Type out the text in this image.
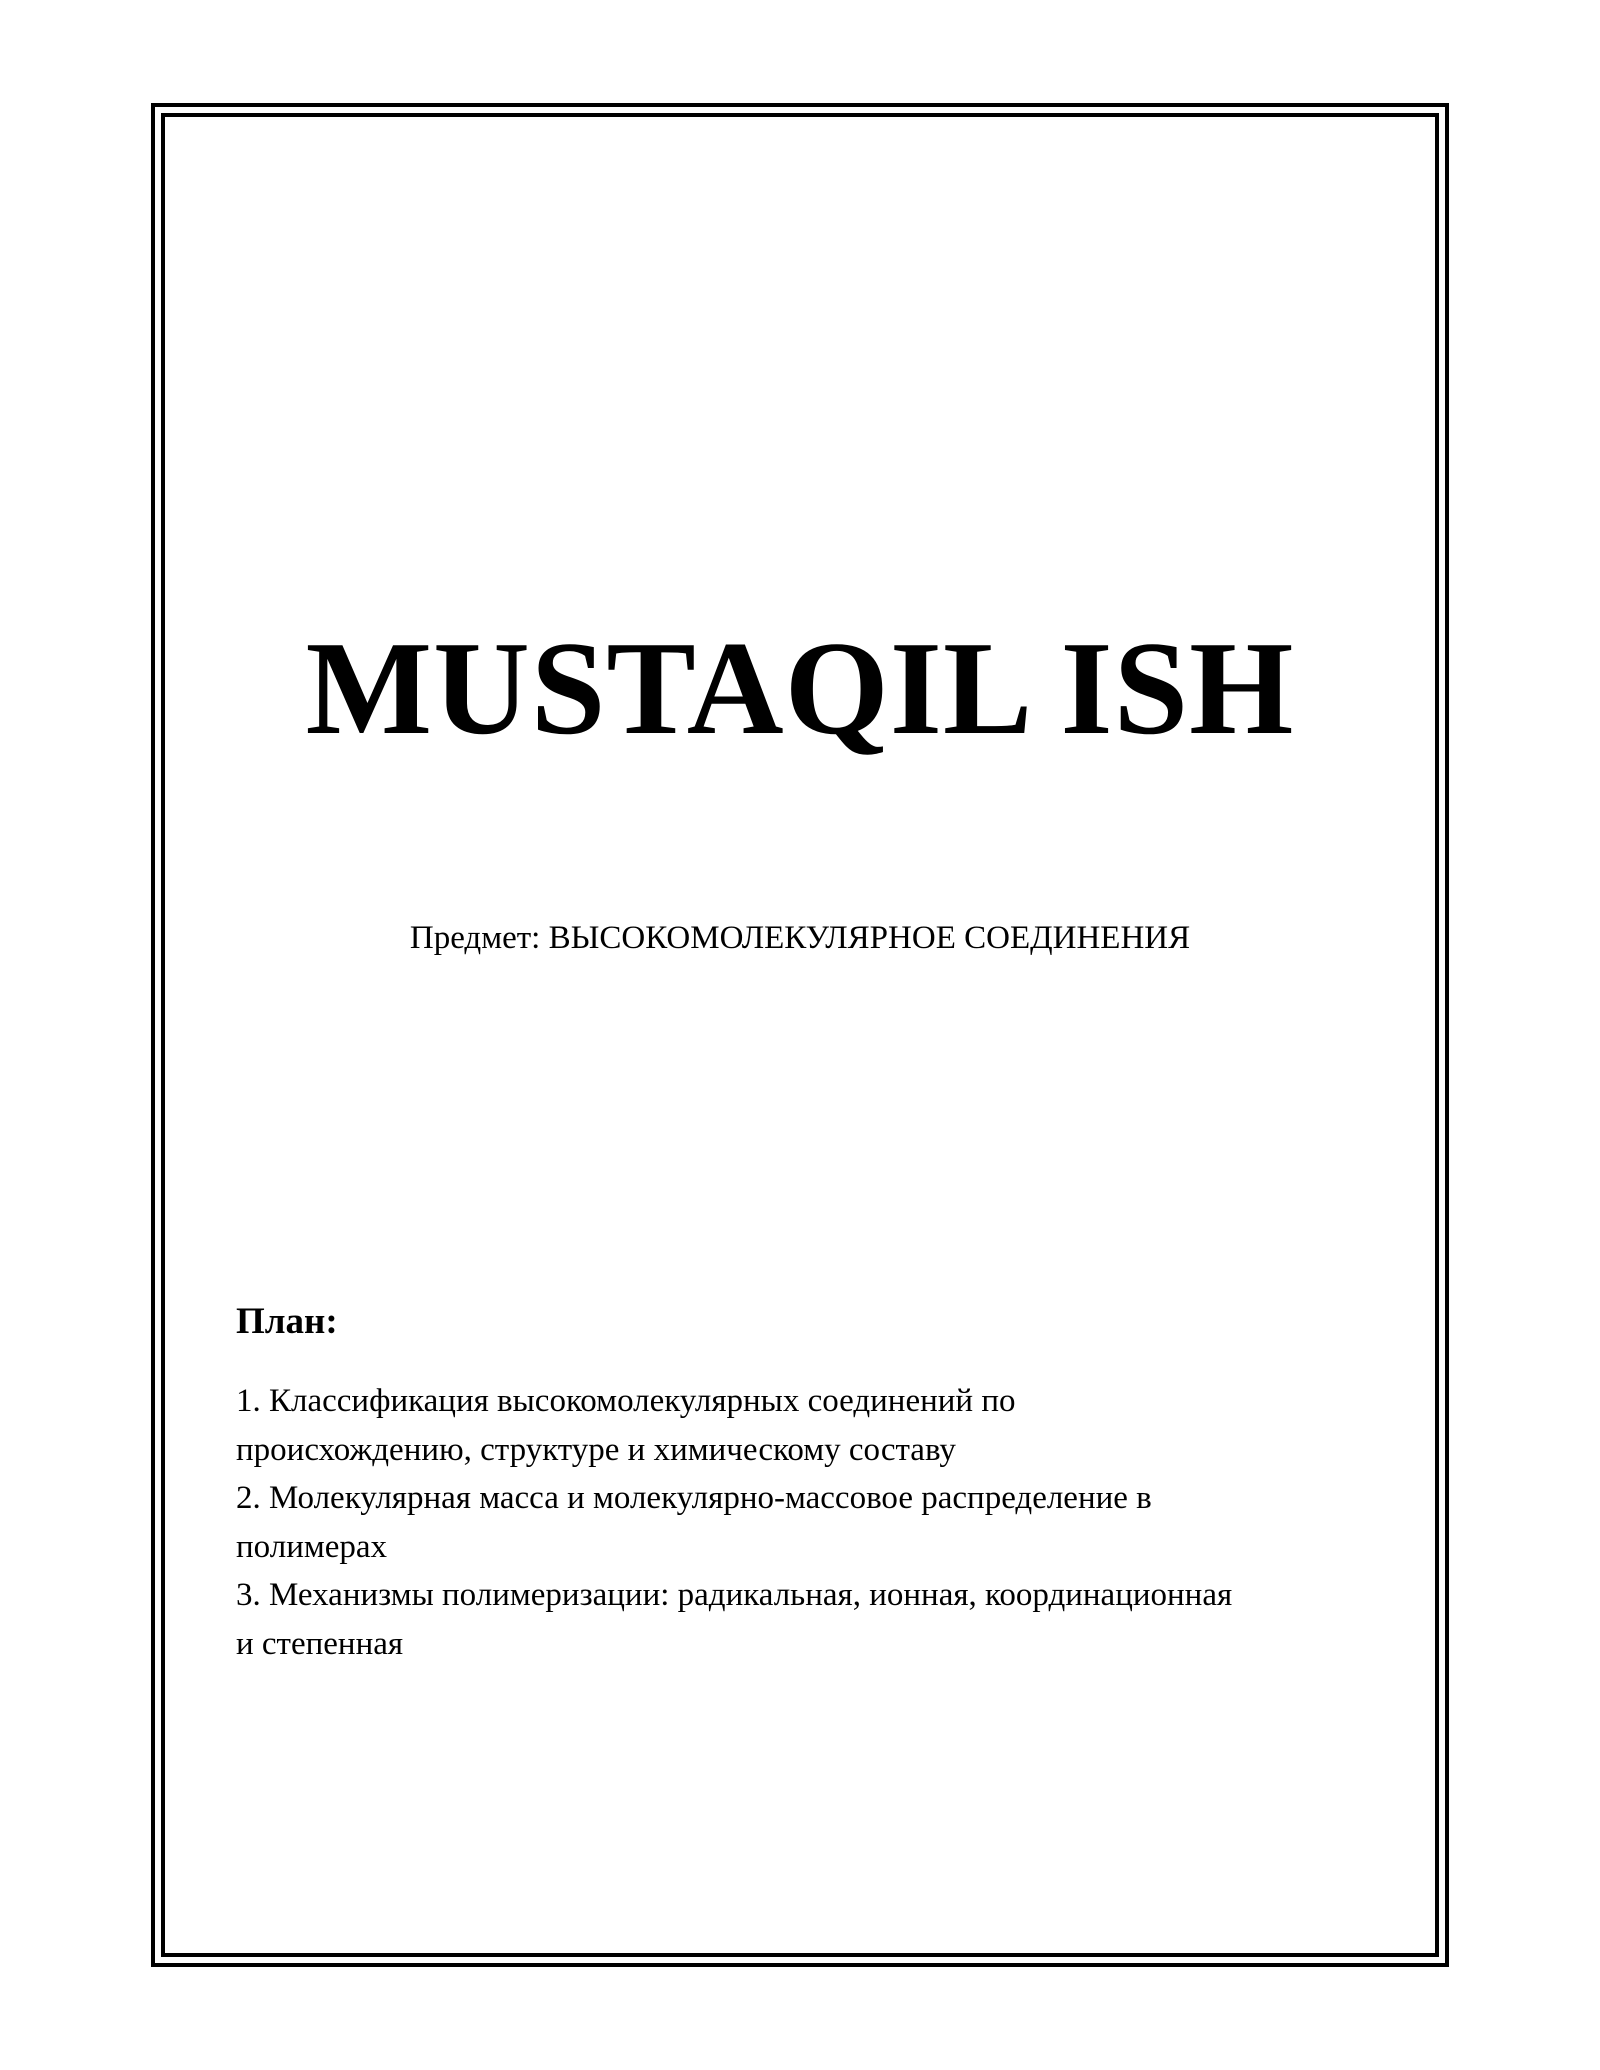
MUSTAQIL ISH
Предмет: ВЫСОКОМОЛЕКУЛЯРНОЕ СОЕДИНЕНИЯ
План:
1. Классификация высокомолекулярных соединений по
происхождению, структуре и химическому составу
2. Молекулярная масса и молекулярно-массовое распределение в
полимерах
3. Механизмы полимеризации: радикальная, ионная, координационная
и степенная
